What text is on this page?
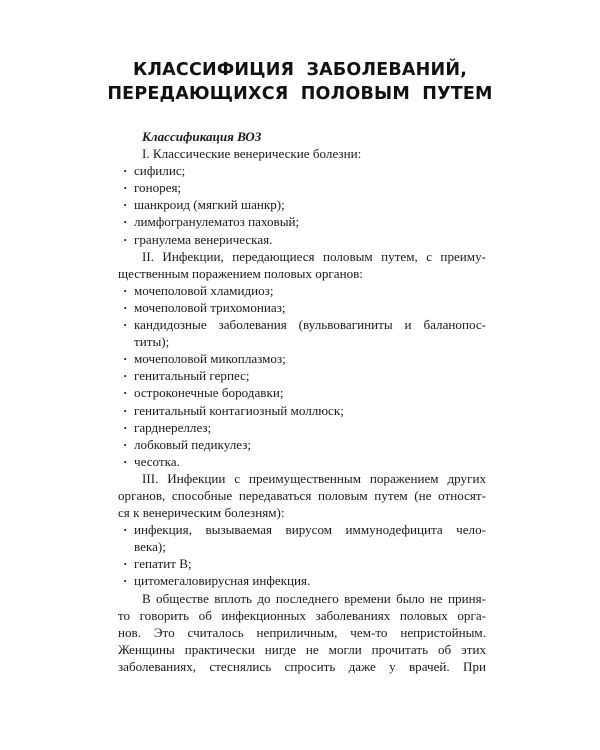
КЛАССИФИЦИЯ ЗАБОЛЕВАНИЙ,
ПЕРЕДАЮЩИХСЯ ПОЛОВЫМ ПУТЕМ
Классификация ВОЗ
I. Классические венерические болезни:
· сифилис;
· гонорея;
· шанкроид (мягкий шанкр);
· лимфогранулематоз паховый;
· гранулема венерическая.
II. Инфекции, передающиеся половым путем, с преиму-
щественным поражением половых органов:
· мочеполовой хламидиоз;
· мочеполовой трихомониаз;
· кандидозные заболевания (вульвовагиниты и баланопос-
титы);
· мочеполовой микоплазмоз;
· генитальный герпес;
· остроконечные бородавки;
· генитальный контагиозный моллюск;
· гарднереллез;
· лобковый педикулез;
· чесотка.
III. Инфекции с преимущественным поражением других
органов, способные передаваться половым путем (не относят-
ся к венерическим болезням):
· инфекция, вызываемая вирусом иммунодефицита чело-
века);
· гепатит В;
· цитомегаловирусная инфекция.
В обществе вплоть до последнего времени было не приня-
то говорить об инфекционных заболеваниях половых орга-
нов. Это считалось неприличным, чем-то непристойным.
Женщины практически нигде не могли прочитать об этих
заболеваниях, стеснялись спросить даже у врачей. При
